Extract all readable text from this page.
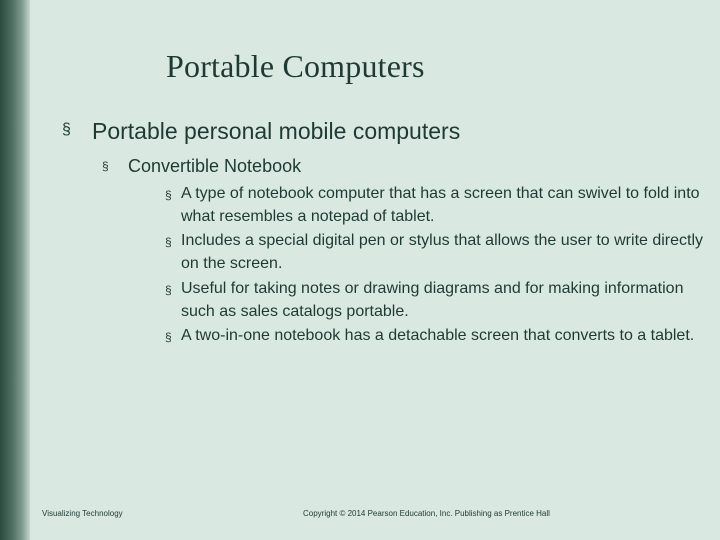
Portable Computers
§
Portable personal mobile computers
§
Convertible Notebook
§
A type of notebook computer that has a screen that can swivel to fold into what resembles a notepad of tablet.
§
Includes a special digital pen or stylus that allows the user to write directly on the screen.
§
Useful for taking notes or drawing diagrams and for making information such as sales catalogs portable.
§
A two-in-one notebook has a detachable screen that converts to a tablet.
Visualizing Technology	Copyright © 2014 Pearson Education, Inc. Publishing as Prentice Hall
